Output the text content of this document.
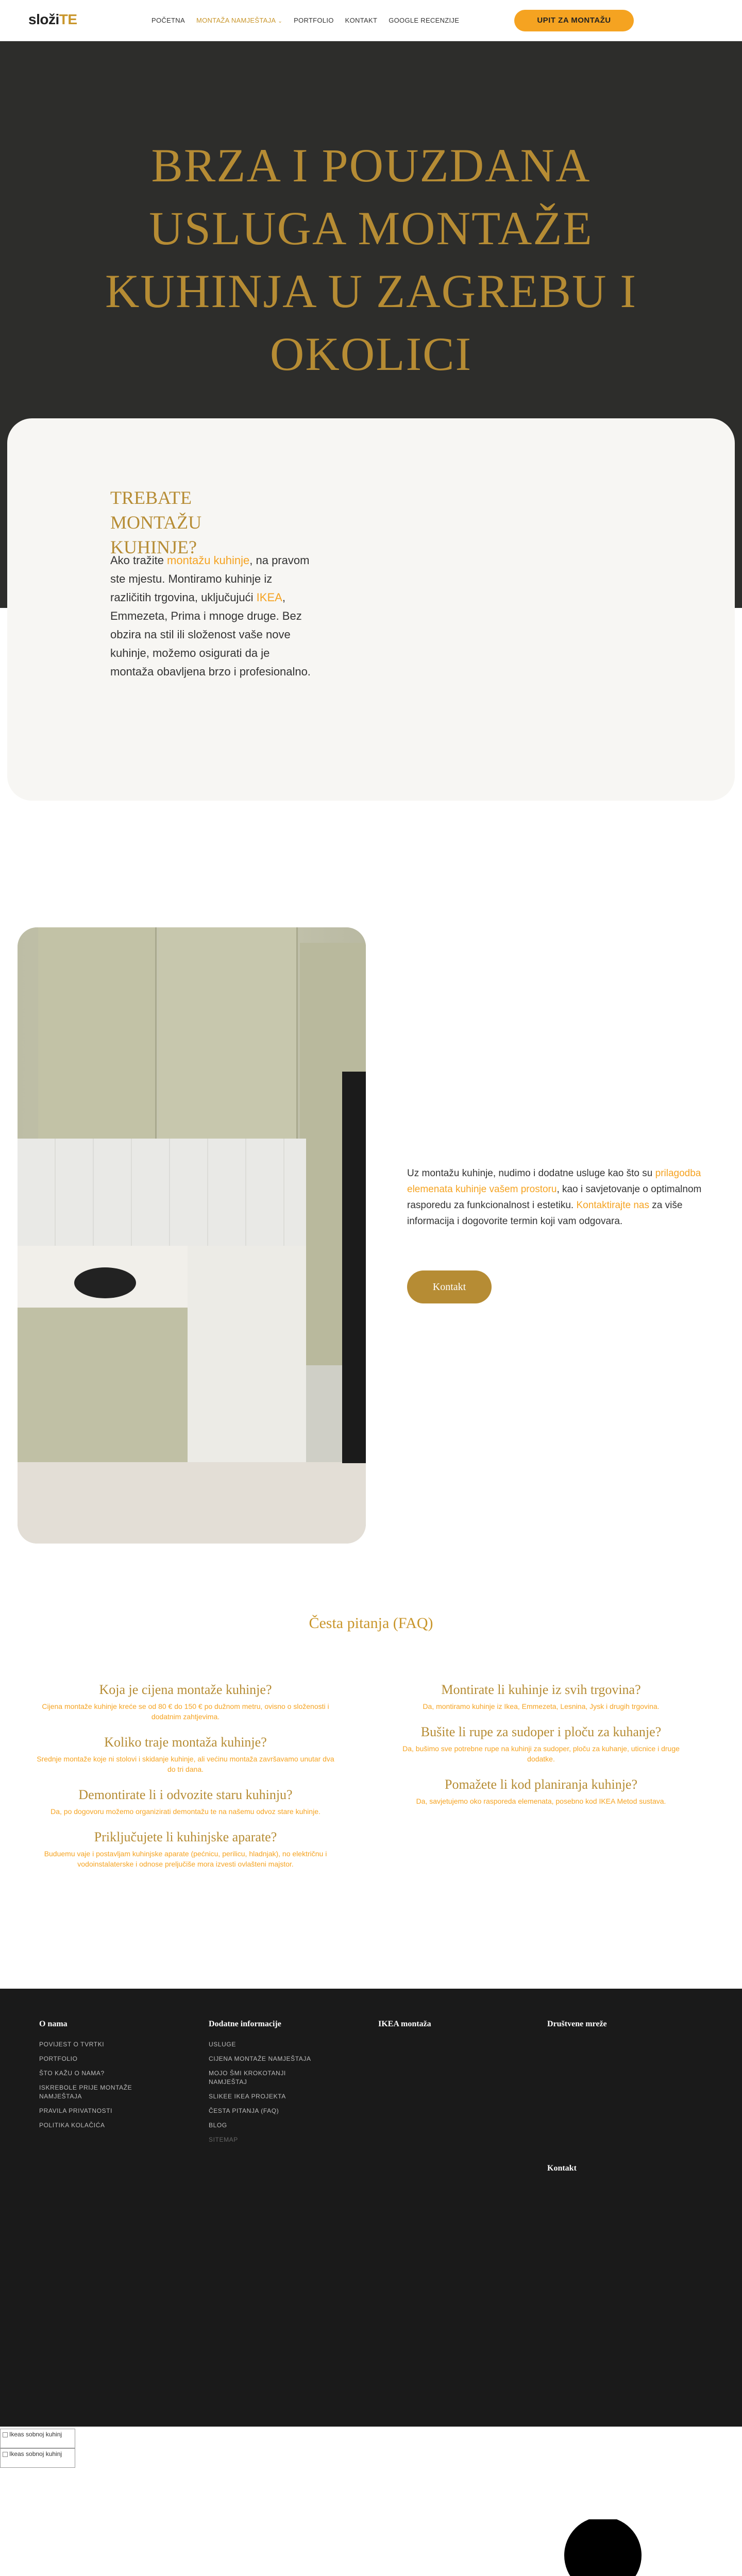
složiTE	POČETNA	MONTAŽA NAMJEŠTAJA ⌄	PORTFOLIO	KONTAKT	GOOGLE RECENZIJE	UPIT ZA MONTAŽU
BRZA I POUZDANA USLUGA MONTAŽE KUHINJA U ZAGREBU I OKOLICI
TREBATE MONTAŽU KUHINJE?
Ako tražite montažu kuhinje, na pravom ste mjestu. Montiramo kuhinje iz različitih trgovina, uključujući IKEA, Emmezeta, Prima i mnoge druge. Bez obzira na stil ili složenost vaše nove kuhinje, možemo osigurati da je montaža obavljena brzo i profesionalno.
Uz montažu kuhinje, nudimo i dodatne usluge kao što su prilagodba elemenata kuhinje vašem prostoru, kao i savjetovanje o optimalnom rasporedu za funkcionalnost i estetiku. Kontaktirajte nas za više informacija i dogovorite termin koji vam odgovara.
Kontakt
Česta pitanja (FAQ)
Koja je cijena montaže kuhinje?
Cijena montaže kuhinje kreće se od 80 € do 150 € po dužnom metru, ovisno o složenosti i dodatnim zahtjevima.
Koliko traje montaža kuhinje?
Srednje montaže koje ni stolovi i skidanje kuhinje, ali većinu montaža završavamo unutar dva do tri dana.
Demontirate li i odvozite staru kuhinju?
Da, po dogovoru možemo organizirati demontažu te na našemu odvoz stare kuhinje.
Priključujete li kuhinjske aparate?
Buduemu vaje i postavljam kuhinjske aparate (pećnicu, perilicu, hladnjak), no električnu i vodoinstalaterske i odnose preljučiše mora izvesti ovlašteni majstor.
Montirate li kuhinje iz svih trgovina?
Da, montiramo kuhinje iz Ikea, Emmezeta, Lesnina, Jysk i drugih trgovina.
Bušite li rupe za sudoper i ploču za kuhanje?
Da, bušimo sve potrebne rupe na kuhinji za sudoper, ploču za kuhanje, uticnice i druge dodatke.
Pomažete li kod planiranja kuhinje?
Da, savjetujemo oko rasporeda elemenata, posebno kod IKEA Metod sustava.
O nama
POVIJEST O TVRTKI
PORTFOLIO
ŠTO KAŽU O NAMA?
ISKREBOLE PRIJE MONTAŽE NAMJEŠTAJA
PRAVILA PRIVATNOSTI
POLITIKA KOLAČIĆA
Dodatne informacije
USLUGE
CIJENA MONTAŽE NAMJEŠTAJA
MOJO ŠMI KROKOTANJI NAMJEŠTAJ
SLIKEE IKEA PROJEKTA
ČESTA PITANJA (FAQ)
BLOG
SITEMAP
IKEA montaža	Društvene mreže
Kontakt
Ikeas sobnoj kuhinj
Ikeas sobnoj kuhinj
